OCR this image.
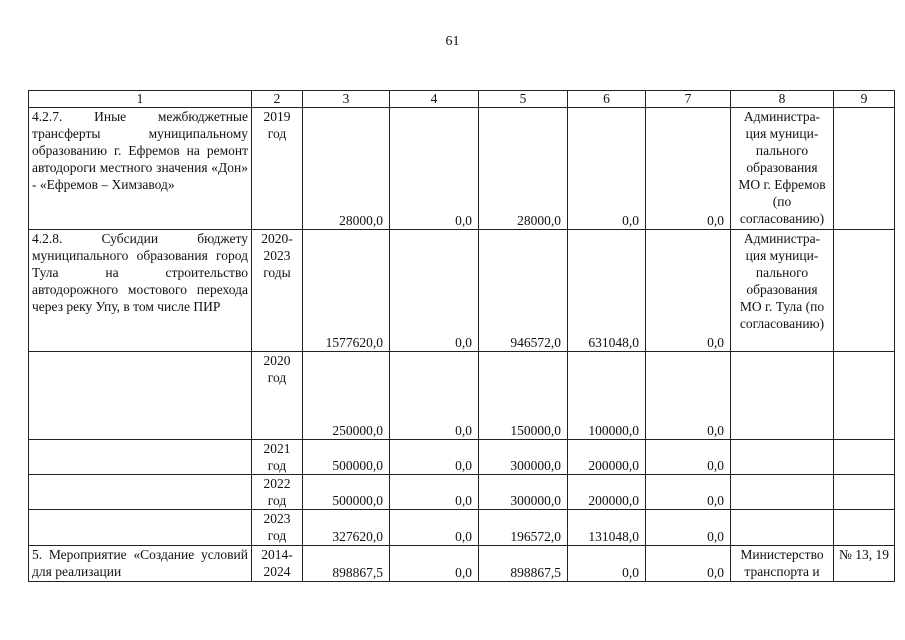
61
1	2	3	4	5	6	7	8	9
4.2.7. Иные межбюджетные трансферты муниципальному образованию г. Ефремов на ремонт автодороги местного значения «Дон» - «Ефремов – Химзавод»	2019 год	28000,0	0,0	28000,0	0,0	0,0	Администра-ция муници-пального образования МО г. Ефремов (по согласованию)	
4.2.8. Субсидии бюджету муниципального образования город Тула на строительство автодорожного мостового перехода через реку Упу, в том числе ПИР	2020-2023 годы	1577620,0	0,0	946572,0	631048,0	0,0	Администра-ция муници-пального образования МО г. Тула (по согласованию)	
	2020 год	250000,0	0,0	150000,0	100000,0	0,0		
	2021 год	500000,0	0,0	300000,0	200000,0	0,0		
	2022 год	500000,0	0,0	300000,0	200000,0	0,0		
	2023 год	327620,0	0,0	196572,0	131048,0	0,0		
5. Мероприятие «Создание условий для реализации	2014-2024	898867,5	0,0	898867,5	0,0	0,0	Министерство транспорта и	№ 13, 19
